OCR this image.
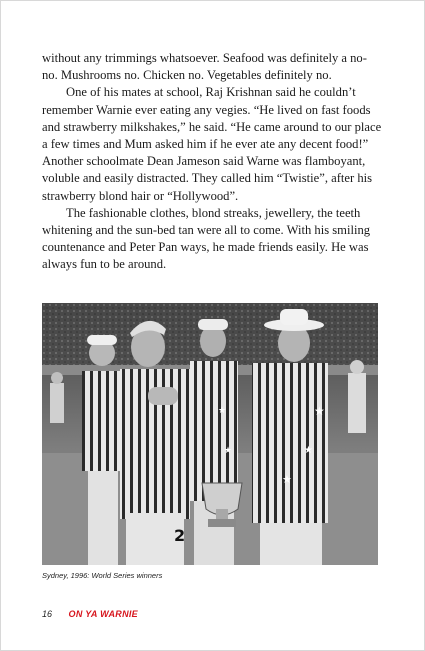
without any trimmings whatsoever. Seafood was definitely a no-no. Mushrooms no. Chicken no. Vegetables definitely no.

One of his mates at school, Raj Krishnan said he couldn’t remember Warnie ever eating any vegies. “He lived on fast foods and strawberry milkshakes,” he said. “He came around to our place a few times and Mum asked him if he ever ate any decent food!” Another schoolmate Dean Jameson said Warne was flamboyant, voluble and easily distracted. They called him “Twistie”, after his strawberry blond hair or “Hollywood”.

The fashionable clothes, blond streaks, jewellery, the teeth whitening and the sun-bed tan were all to come. With his smiling countenance and Peter Pan ways, he made friends easily. He was always fun to be around.

★
★
★
★
★
2
Sydney, 1996: World Series winners
16 ON YA WARNIE
